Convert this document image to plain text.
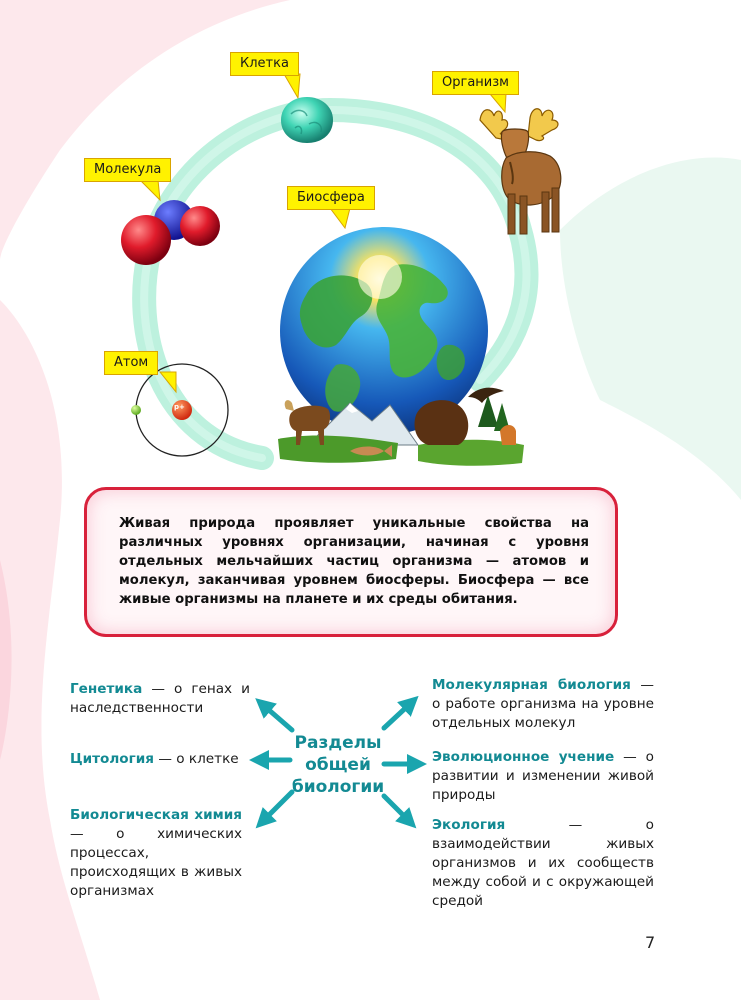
p+
Клетка
Организм
Молекула
Биосфера
Атом
Живая природа проявляет уникальные свойства на различных уровнях организации, начиная с уровня отдельных мельчайших частиц организма — атомов и молекул, заканчивая уровнем биосферы. Биосфера — все живые организмы на планете и их среды обитания.
Разделы
общей
биологии
Генетика — о генах и наследственности
Цитология — о клетке
Биологическая химия — о химических процессах, происходящих в живых организмах
Молекулярная биология — о работе организма на уровне отдельных молекул
Эволюционное учение — о развитии и изменении живой природы
Экология — о взаимодействии живых организмов и их сообществ между собой и с окружающей средой
7
